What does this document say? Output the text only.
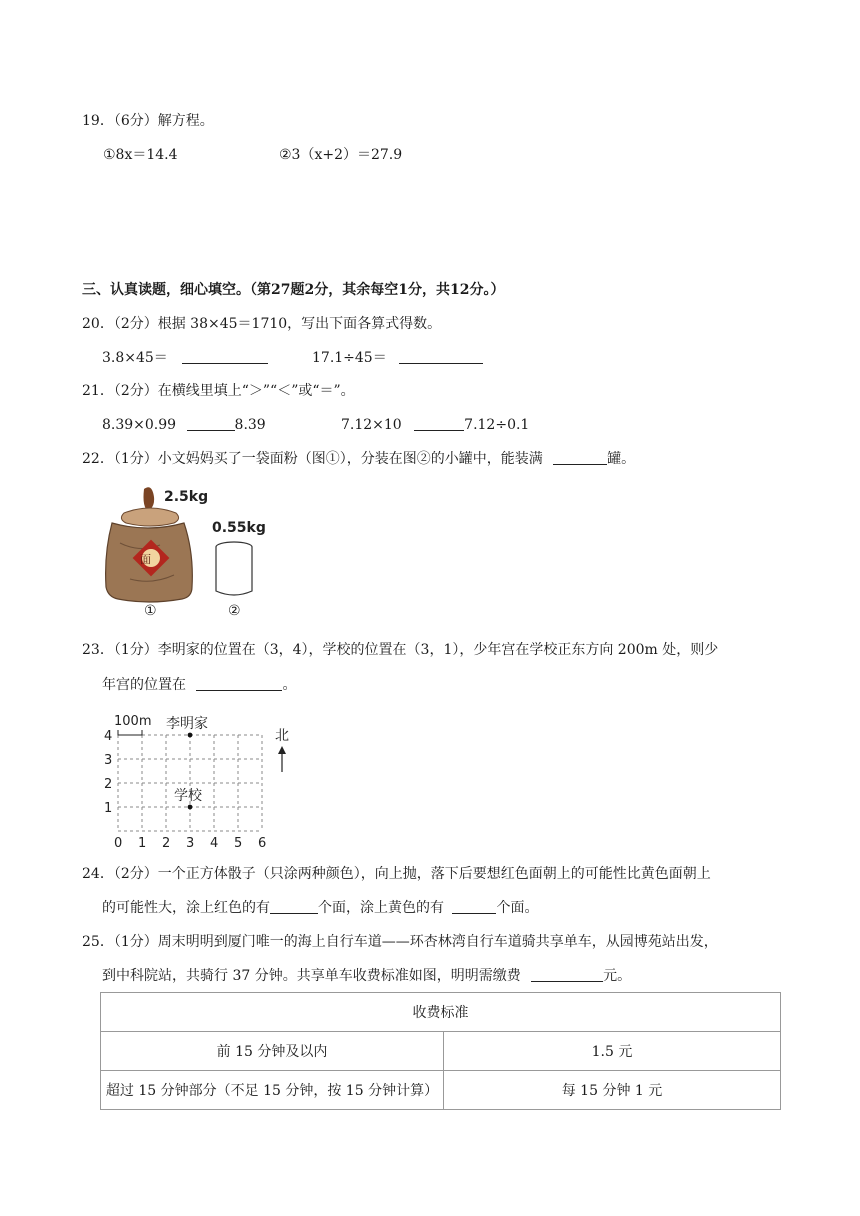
19．（6分）解方程。
①8x＝14.4	②3（x+2）＝27.9
三、认真读题，细心填空。（第27题2分，其余每空1分，共12分。）
20．（2分）根据 38×45＝1710，写出下面各算式得数。
3.8×45＝	17.1÷45＝
21．（2分）在横线里填上“＞”“＜”或“＝”。
8.39×0.99	8.39	7.12×10	7.12÷0.1
22．（1分）小文妈妈买了一袋面粉（图①），分装在图②的小罐中，能装满	罐。
2.5kg
面
①
0.55kg
②
23．（1分）李明家的位置在（3，4），学校的位置在（3，1），少年宫在学校正东方向 200m 处，则少
年宫的位置在	。
100m 李明家
学校
北
1
2
3
4
0 1 2 3 4 5 6
24．（2分）一个正方体骰子（只涂两种颜色），向上抛，落下后要想红色面朝上的可能性比黄色面朝上
的可能性大，涂上红色的有	个面，涂上黄色的有	个面。
25．（1分）周末明明到厦门唯一的海上自行车道——环杏林湾自行车道骑共享单车，从园博苑站出发，
到中科院站，共骑行 37 分钟。共享单车收费标准如图，明明需缴费	元。
收费标准	
前 15 分钟及以内	1.5 元
超过 15 分钟部分（不足 15 分钟，按 15 分钟计算）	每 15 分钟 1 元
